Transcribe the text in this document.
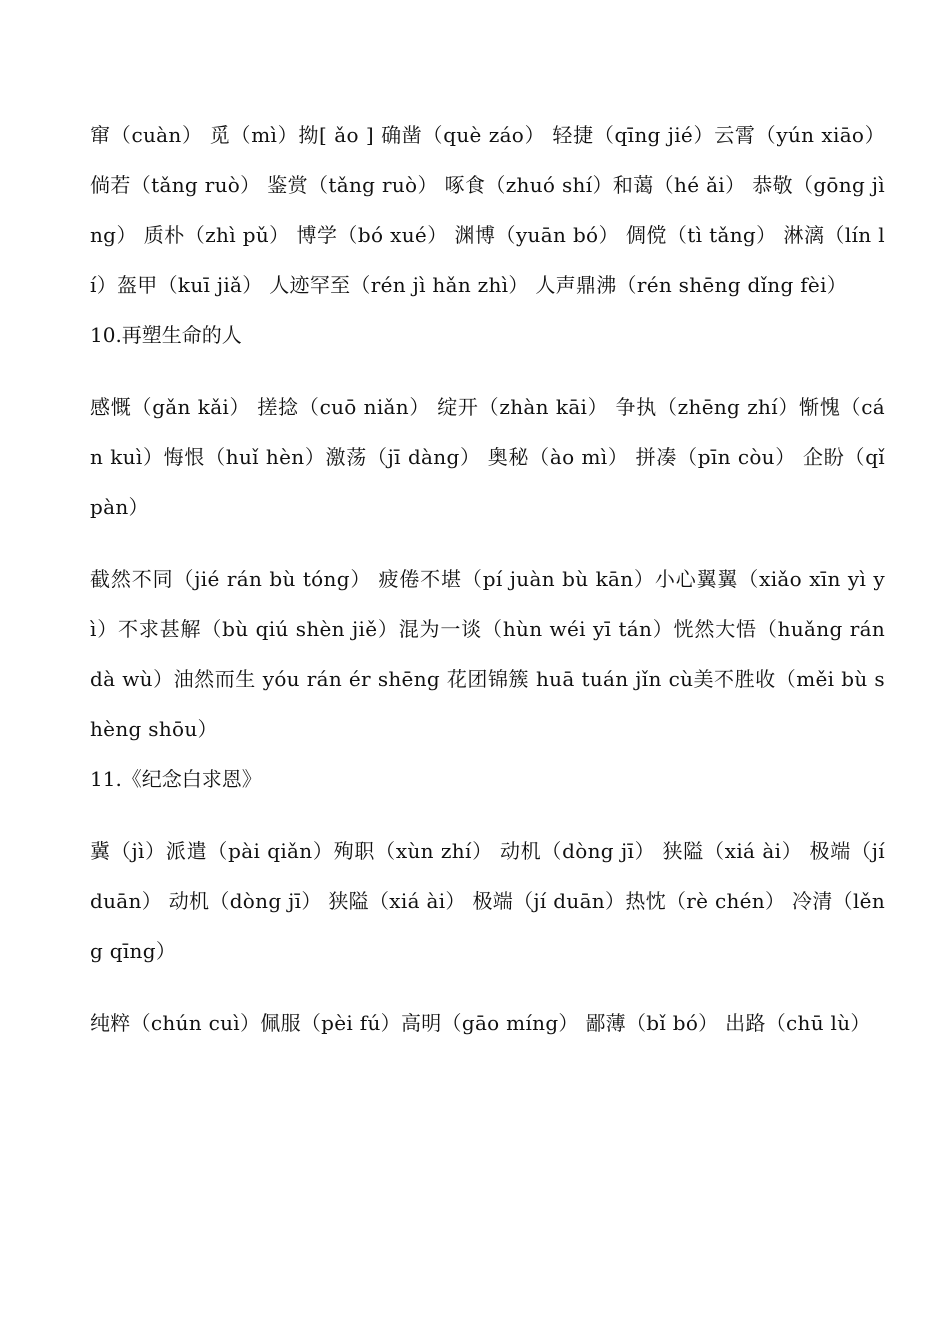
窜（cuàn） 觅（mì）拗[ ǎo ] 确凿（què záo） 轻捷（qīng jié）云霄（yún xiāo） 倘若（tǎng ruò） 鉴赏（tǎng ruò） 啄食（zhuó shí）和蔼（hé ǎi） 恭敬（gōng jìng） 质朴（zhì pǔ） 博学（bó xué） 渊博（yuān bó） 倜傥（tì tǎng） 淋漓（lín lí）盔甲（kuī jiǎ） 人迹罕至（rén jì hǎn zhì） 人声鼎沸（rén shēng dǐng fèi）

10.再塑生命的人

感慨（gǎn kǎi） 搓捻（cuō niǎn） 绽开（zhàn kāi） 争执（zhēng zhí）惭愧（cán kuì）悔恨（huǐ hèn）激荡（jī dàng） 奥秘（ào mì） 拼凑（pīn còu） 企盼（qǐ pàn）

截然不同（jié rán bù tóng） 疲倦不堪（pí juàn bù kān）小心翼翼（xiǎo xīn yì yì）不求甚解（bù qiú shèn jiě）混为一谈（hùn wéi yī tán）恍然大悟（huǎng rán dà wù）油然而生 yóu rán ér shēng 花团锦簇 huā tuán jǐn cù美不胜收（měi bù shèng shōu）

11.《纪念白求恩》

冀（jì）派遣（pài qiǎn）殉职（xùn zhí） 动机（dòng jī） 狭隘（xiá ài） 极端（jí duān） 动机（dòng jī） 狭隘（xiá ài） 极端（jí duān）热忱（rè chén） 冷清（lěng qīng）

纯粹（chún cuì）佩服（pèi fú）高明（gāo míng） 鄙薄（bǐ bó） 出路（chū lù）
